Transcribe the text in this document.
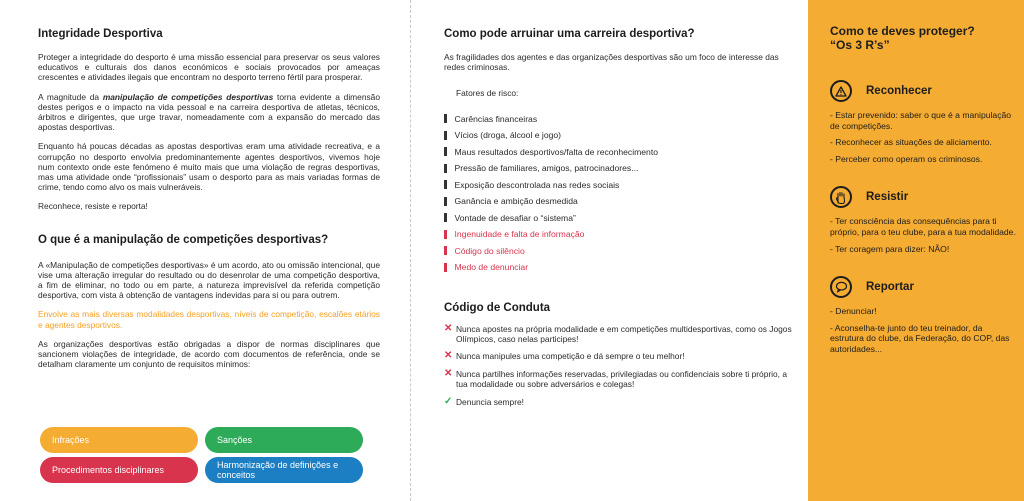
Integridade Desportiva

Proteger a integridade do desporto é uma missão essencial para preservar os seus valores educativos e culturais dos danos económicos e sociais provocados por ameaças crescentes e atividades ilegais que encontram no desporto terreno fértil para prosperar.

A magnitude da manipulação de competições desportivas torna evidente a dimensão destes perigos e o impacto na vida pessoal e na carreira desportiva de atletas, técnicos, árbitros e dirigentes, que urge travar, nomeadamente com a expansão do mercado das apostas desportivas.

Enquanto há poucas décadas as apostas desportivas eram uma atividade recreativa, e a corrupção no desporto envolvia predominantemente agentes desportivos, vivemos hoje num contexto onde este fenómeno é muito mais que uma violação de regras desportivas, mas uma atividade onde “profissionais” usam o desporto para as mais variadas formas de crime, tendo como alvo os mais vulneráveis.

Reconhece, resiste e reporta!

O que é a manipulação de competições desportivas?

A «Manipulação de competições desportivas» é um acordo, ato ou omissão intencional, que vise uma alteração irregular do resultado ou do desenrolar de uma competição desportiva, a fim de eliminar, no todo ou em parte, a natureza imprevisível da referida competição desportiva, com vista à obtenção de vantagens indevidas para si ou para outrem.

Envolve as mais diversas modalidades desportivas, níveis de competição, escalões etários e agentes desportivos.

As organizações desportivas estão obrigadas a dispor de normas disciplinares que sancionem violações de integridade, de acordo com documentos de referência, onde se detalham claramente um conjunto de requisitos mínimos:

Infrações	Sanções
Procedimentos disciplinares	Harmonização de definições e conceitos
Como pode arruinar uma carreira desportiva?

As fragilidades dos agentes e das organizações desportivas são um foco de interesse das redes criminosas.

Fatores de risco:

Carências financeiras
Vícios (droga, álcool e jogo)
Maus resultados desportivos/falta de reconhecimento
Pressão de familiares, amigos, patrocinadores...
Exposição descontrolada nas redes sociais
Ganância e ambição desmedida
Vontade de desafiar o “sistema”
Ingenuidade e falta de informação
Código do silêncio
Medo de denunciar
Código de Conduta
✕ Nunca apostes na própria modalidade e em competições multidesportivas, como os Jogos Olímpicos, caso nelas participes!
✕ Nunca manipules uma competição e dá sempre o teu melhor!
✕ Nunca partilhes informações reservadas, privilegiadas ou confidenciais sobre ti próprio, a tua modalidade ou sobre adversários e colegas!
✓ Denuncia sempre!
Como te deves proteger?
“Os 3 R’s”
Reconhecer
- Estar prevenido: saber o que é a manipulação de competições.
- Reconhecer as situações de aliciamento.
- Perceber como operam os criminosos.
Resistir
- Ter consciência das consequências para ti próprio, para o teu clube, para a tua modalidade.
- Ter coragem para dizer: NÃO!
Reportar
- Denunciar!
- Aconselha-te junto do teu treinador, da estrutura do clube, da Federação, do COP, das autoridades...
